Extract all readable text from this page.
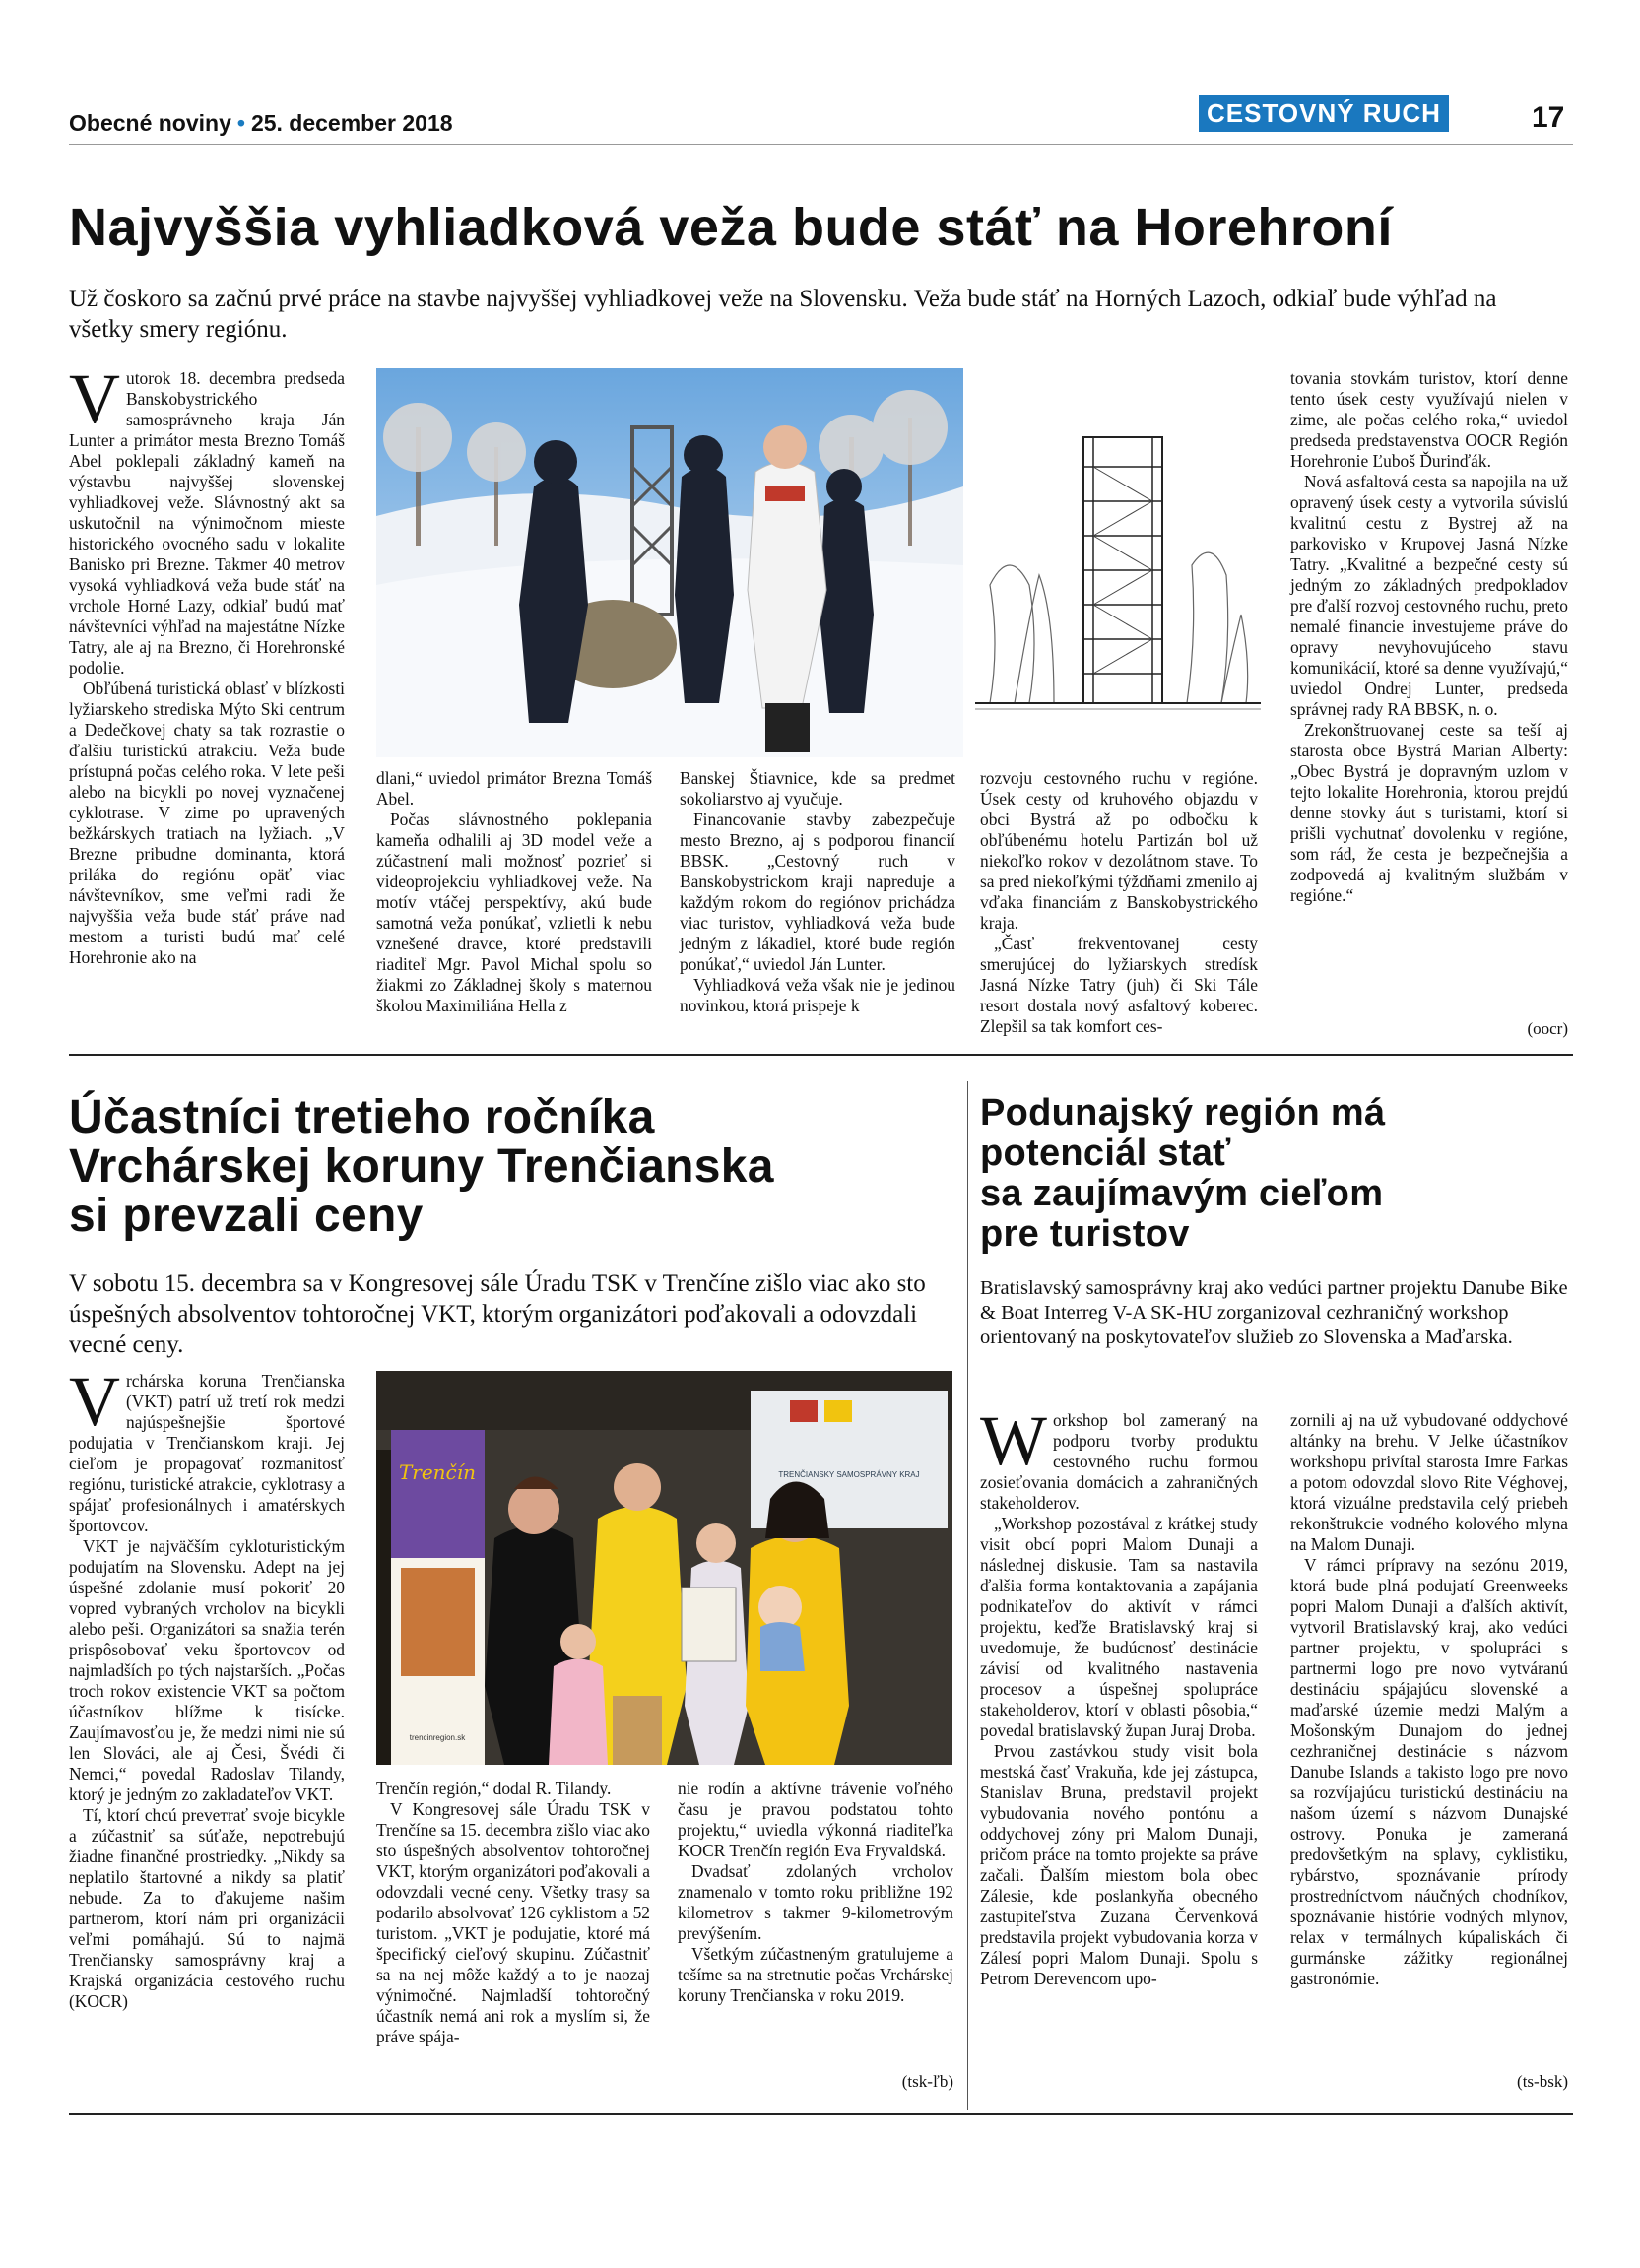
Obecné noviny • 25. december 2018	CESTOVNÝ RUCH	17
Najvyššia vyhliadková veža bude stáť na Horehroní
Už čoskoro sa začnú prvé práce na stavbe najvyššej vyhliadkovej veže na Slovensku. Veža bude stáť na Horných Lazoch, odkiaľ bude výhľad na všetky smery regiónu.

Vutorok 18. decembra predseda Banskobystrického samosprávneho kraja Ján Lunter a primátor mesta Brezno Tomáš Abel poklepali základný kameň na výstavbu najvyššej slovenskej vyhliadkovej veže. Slávnostný akt sa uskutočnil na výnimočnom mieste historického ovocného sadu v lokalite Banisko pri Brezne. Takmer 40 metrov vysoká vyhliadková veža bude stáť na vrchole Horné Lazy, odkiaľ budú mať návštevníci výhľad na majestátne Nízke Tatry, ale aj na Brezno, či Horehronské podolie.

Obľúbená turistická oblasť v blízkosti lyžiarskeho strediska Mýto Ski centrum a Dedečkovej chaty sa tak rozrastie o ďalšiu turistickú atrakciu. Veža bude prístupná počas celého roka. V lete peši alebo na bicykli po novej vyznačenej cyklotrase. V zime po upravených bežkárskych tratiach na lyžiach. „V Brezne pribudne dominanta, ktorá priláka do regiónu opäť viac návštevníkov, sme veľmi radi že najvyššia veža bude stáť práve nad mestom a turisti budú mať celé Horehronie ako na

dlani,“ uviedol primátor Brezna Tomáš Abel.

Počas slávnostného poklepania kameňa odhalili aj 3D model veže a zúčastnení mali možnosť pozrieť si videoprojekciu vyhliadkovej veže. Na motív vtáčej perspektívy, akú bude samotná veža ponúkať, vzlietli k nebu vznešené dravce, ktoré predstavili riaditeľ Mgr. Pavol Michal spolu so žiakmi zo Základnej školy s maternou školou Maximiliána Hella z

Banskej Štiavnice, kde sa predmet sokoliarstvo aj vyučuje.

Financovanie stavby zabezpečuje mesto Brezno, aj s podporou financií BBSK. „Cestovný ruch v Banskobystrickom kraji napreduje a každým rokom do regiónov prichádza viac turistov, vyhliadková veža bude jedným z lákadiel, ktoré bude región ponúkať,“ uviedol Ján Lunter.

Vyhliadková veža však nie je jedinou novinkou, ktorá prispeje k

rozvoju cestovného ruchu v regióne. Úsek cesty od kruhového objazdu v obci Bystrá až po odbočku k obľúbenému hotelu Partizán bol už niekoľko rokov v dezolátnom stave. To sa pred niekoľkými týždňami zmenilo aj vďaka financiám z Banskobystrického kraja.

„Časť frekventovanej cesty smerujúcej do lyžiarskych stredísk Jasná Nízke Tatry (juh) či Ski Tále resort dostala nový asfaltový koberec. Zlepšil sa tak komfort ces-

tovania stovkám turistov, ktorí denne tento úsek cesty využívajú nielen v zime, ale počas celého roka,“ uviedol predseda predstavenstva OOCR Región Horehronie Ľuboš Ďurinďák.

Nová asfaltová cesta sa napojila na už opravený úsek cesty a vytvorila súvislú kvalitnú cestu z Bystrej až na parkovisko v Krupovej Jasná Nízke Tatry. „Kvalitné a bezpečné cesty sú jedným zo základných predpokladov pre ďalší rozvoj cestovného ruchu, preto nemalé financie investujeme práve do opravy nevyhovujúceho stavu komunikácií, ktoré sa denne využívajú,“ uviedol Ondrej Lunter, predseda správnej rady RA BBSK, n. o.

Zrekonštruovanej ceste sa teší aj starosta obce Bystrá Marian Alberty: „Obec Bystrá je dopravným uzlom v tejto lokalite Horehronia, ktorou prejdú denne stovky áut s turistami, ktorí si prišli vychutnať dovolenku v regióne, som rád, že cesta je bezpečnejšia a zodpovedá aj kvalitným službám v regióne.“

(oocr)
Účastníci tretieho ročníka
Vrchárskej koruny Trenčianska
si prevzali ceny
V sobotu 15. decembra sa v Kongresovej sále Úradu TSK v Trenčíne zišlo viac ako sto úspešných absolventov tohtoročnej VKT, ktorým organizátori poďakovali a odovzdali vecné ceny.

Vrchárska koruna Trenčianska (VKT) patrí už tretí rok medzi najúspešnejšie športové podujatia v Trenčianskom kraji. Jej cieľom je propagovať rozmanitosť regiónu, turistické atrakcie, cyklotrasy a spájať profesionálnych i amatérskych športovcov.

VKT je najväčším cykloturistickým podujatím na Slovensku. Adept na jej úspešné zdolanie musí pokoriť 20 vopred vybraných vrcholov na bicykli alebo peši. Organizátori sa snažia terén prispôsobovať veku športovcov od najmladších po tých najstarších. „Počas troch rokov existencie VKT sa počtom účastníkov blížme k tisícke. Zaujímavosťou je, že medzi nimi nie sú len Slováci, ale aj Česi, Švédi či Nemci,“ povedal Radoslav Tilandy, ktorý je jedným zo zakladateľov VKT.

Tí, ktorí chcú preveтrať svoje bicykle a zúčastniť sa súťaže, nepotrebujú žiadne finančné prostriedky. „Nikdy sa neplatilo štartovné a nikdy sa platiť nebude. Za to ďakujeme našim partnerom, ktorí nám pri organizácii veľmi pomáhajú. Sú to najmä Trenčiansky samosprávny kraj a Krajská organizácia cestového ruchu (KOCR)

TRENČIANSKY SAMOSPRÁVNY KRAJ
Trenčín
trencinregion.sk

Trenčín región,“ dodal R. Tilandy.

V Kongresovej sále Úradu TSK v Trenčíne sa 15. decembra zišlo viac ako sto úspešných absolventov tohtoročnej VKT, ktorým organizátori poďakovali a odovzdali vecné ceny. Všetky trasy sa podarilo absolvovať 126 cyklistom a 52 turistom. „VKT je podujatie, ktoré má špecifický cieľový skupinu. Zúčastniť sa na nej môže každý a to je naozaj výnimočné. Najmladší tohtoročný účastník nemá ani rok a myslím si, že práve spája-

nie rodín a aktívne trávenie voľného času je pravou podstatou tohto projektu,“ uviedla výkonná riaditeľka KOCR Trenčín región Eva Fryvaldská.

Dvadsať zdolaných vrcholov znamenalo v tomto roku približne 192 kilometrov s takmer 9-kilometrovým prevýšením.

Všetkým zúčastneným gratulujeme a tešíme sa na stretnutie počas Vrchárskej koruny Trenčianska v roku 2019.

(tsk-ľb)
Podunajský región má
potenciál stať
sa zaujímavým cieľom
pre turistov
Bratislavský samosprávny kraj ako vedúci partner projektu Danube Bike & Boat Interreg V-A SK-HU zorganizoval cezhraničný workshop orientovaný na poskytovateľov služieb zo Slovenska a Maďarska.

Workshop bol zameraný na podporu tvorby produktu cestovného ruchu formou zosieťovania domácich a zahraničných stakeholderov.

„Workshop pozostával z krátkej study visit obcí popri Malom Dunaji a následnej diskusie. Tam sa nastavila ďalšia forma kontaktovania a zapájania podnikateľov do aktivít v rámci projektu, keďže Bratislavský kraj si uvedomuje, že budúcnosť destinácie závisí od kvalitného nastavenia procesov a úspešnej spolupráce stakeholderov, ktorí v oblasti pôsobia,“ povedal bratislavský župan Juraj Droba.

Prvou zastávkou study visit bola mestská časť Vrakuňa, kde jej zástupca, Stanislav Bruna, predstavil projekt vybudovania nového pontónu a oddychovej zóny pri Malom Dunaji, pričom práce na tomto projekte sa práve začali. Ďalším miestom bola obec Zálesie, kde poslankyňa obecného zastupiteľstva Zuzana Červenková predstavila projekt vybudovania korza v Zálesí popri Malom Dunaji. Spolu s Petrom Derevencom upo-

zornili aj na už vybudované oddychové altánky na brehu. V Jelke účastníkov workshopu privítal starosta Imre Farkas a potom odovzdal slovo Rite Véghovej, ktorá vizuálne predstavila celý priebeh rekonštrukcie vodného kolového mlyna na Malom Dunaji.

V rámci prípravy na sezónu 2019, ktorá bude plná podujatí Greenweeks popri Malom Dunaji a ďalších aktivít, vytvoril Bratislavský kraj, ako vedúci partner projektu, v spolupráci s partnermi logo pre novo vytváranú destináciu spájajúcu slovenské a maďarské územie medzi Malým a Mošonským Dunajom do jednej cezhraničnej destinácie s názvom Danube Islands a takisto logo pre novo sa rozvíjajúcu turistickú destináciu na našom území s názvom Dunajské ostrovy. Ponuka je zameraná predovšetkým na splavy, cyklistiku, rybárstvo, spoznávanie prírody prostredníctvom náučných chodníkov, spoznávanie histórie vodných mlynov, relax v termálnych kúpaliskách či gurmánske zážitky regionálnej gastronómie.

(ts-bsk)
